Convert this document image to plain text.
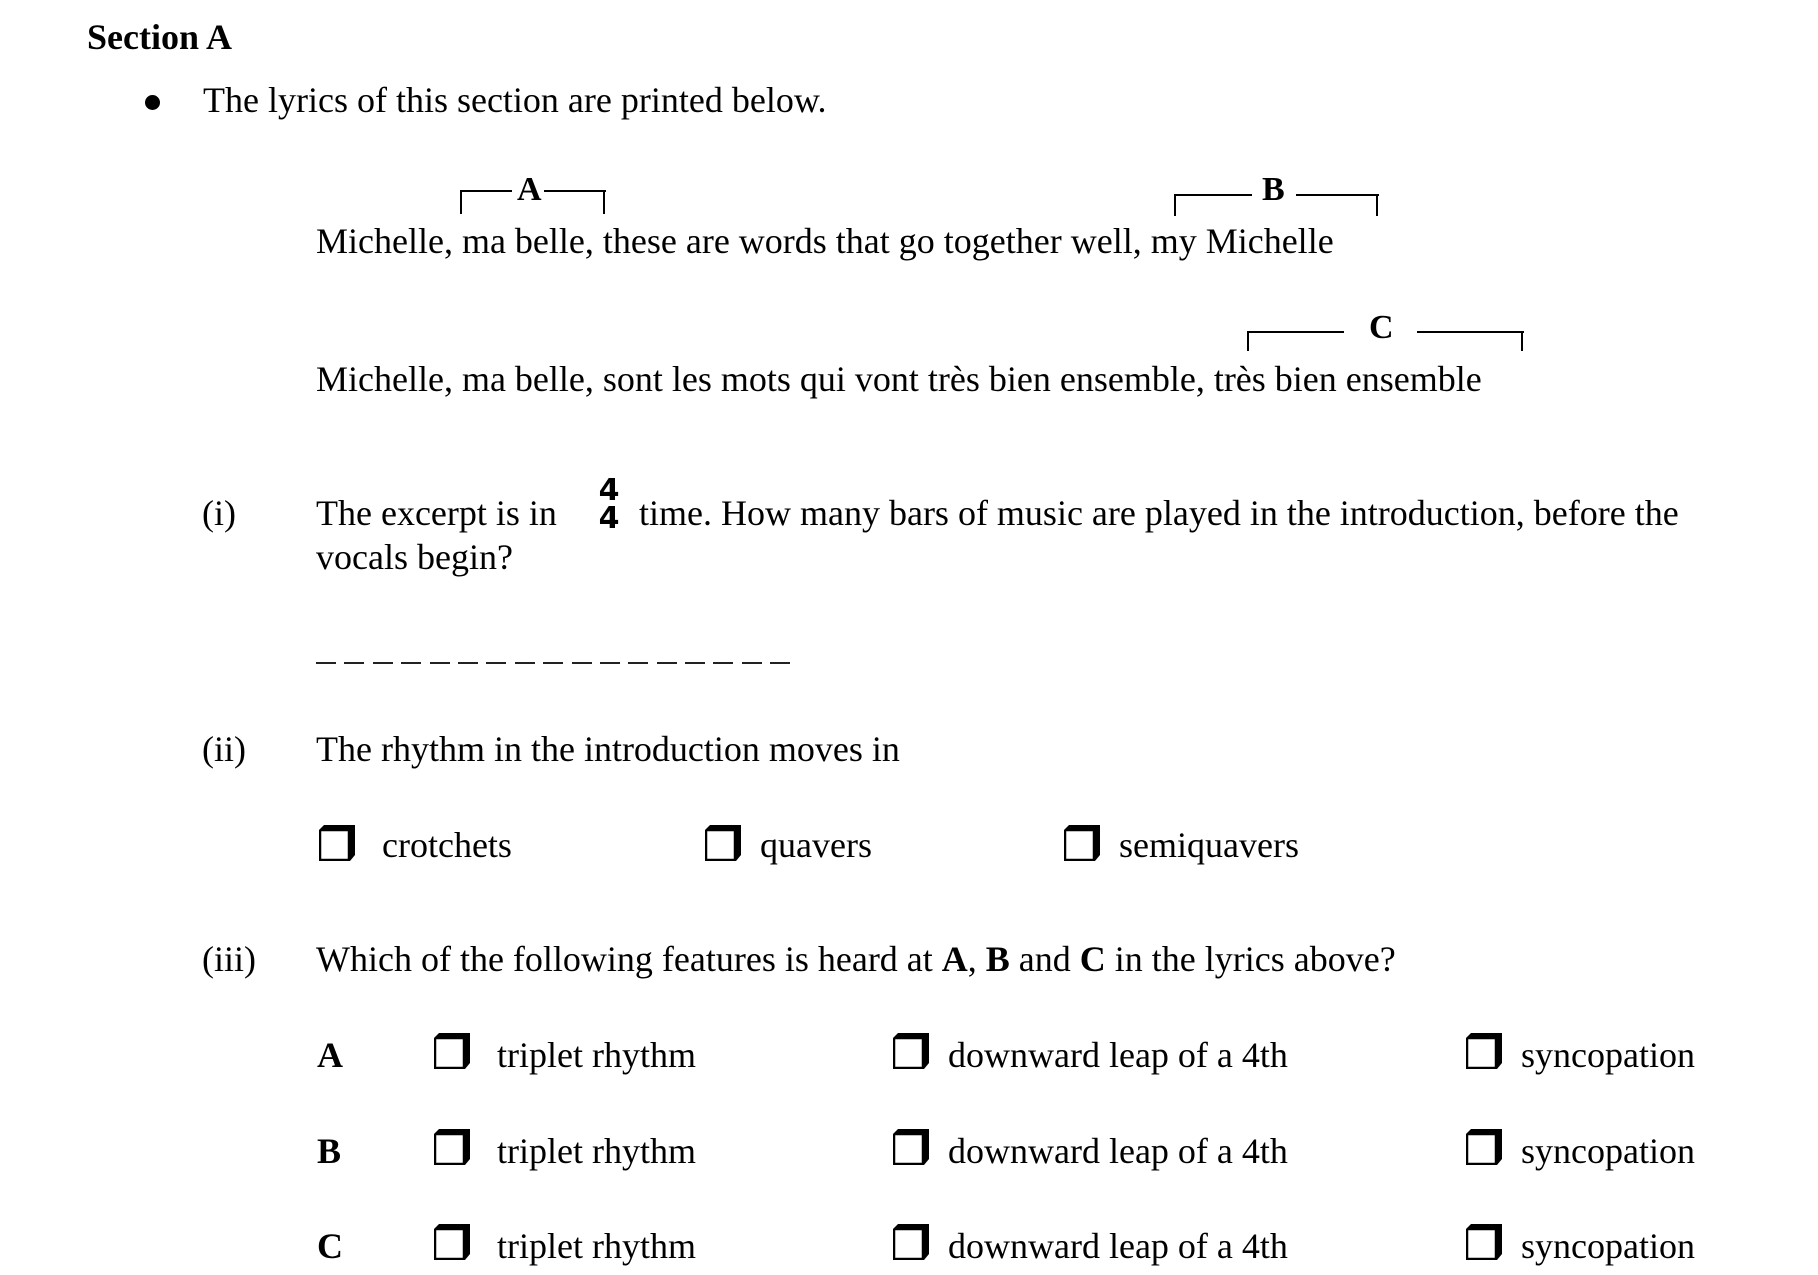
Section A
The lyrics of this section are printed below.
A
Michelle, ma belle, these are words that go together well, my Michelle
B
C
Michelle, ma belle, sont les mots qui vont très bien ensemble, très bien ensemble
(i) The excerpt is in
4
4 time. How many bars of music are played in the introduction, before the
vocals begin?
(ii) The rhythm in the introduction moves in
crotchets	quavers	semiquavers
(iii) Which of the following features is heard at A, B and C in the lyrics above?
A	triplet rhythm	downward leap of a 4th	syncopation
B	triplet rhythm	downward leap of a 4th	syncopation
C	triplet rhythm	downward leap of a 4th	syncopation
